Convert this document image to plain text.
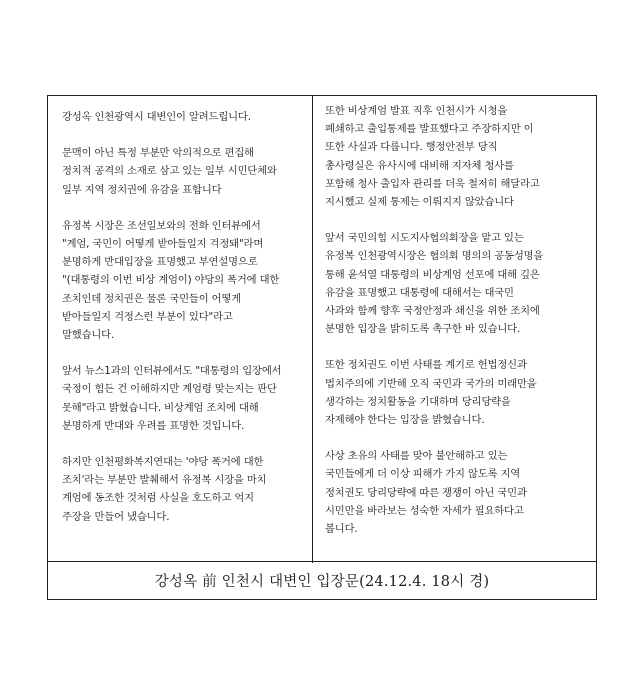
강성옥 인천광역시 대변인이 알려드립니다.
문맥이 아닌 특정 부분만 악의적으로 편집해
정치적 공격의 소재로 삼고 있는 일부 시민단체와
일부 지역 정치권에 유감을 표합니다
유정복 시장은 조선일보와의 전화 인터뷰에서
"계엄, 국민이 어떻게 받아들일지 걱정돼"라며
분명하게 반대입장을 표명했고 부연설명으로
"(대통령의 이번 비상 계엄이) 야당의 폭거에 대한
조치인데 정치권은 물론 국민들이 어떻게
받아들일지 걱정스런 부분이 있다"라고
말했습니다.
앞서 뉴스1과의 인터뷰에서도 "대통령의 입장에서
국정이 힘든 건 이해하지만 계엄령 맞는지는 판단
못해"라고 밝혔습니다. 비상계엄 조치에 대해
분명하게 반대와 우려를 표명한 것입니다.
하지만 인천평화복지연대는 '야당 폭거에 대한
조치'라는 부분만 발췌해서 유정복 시장을 마치
계엄에 동조한 것처럼 사실을 호도하고 억지
주장을 만들어 냈습니다.
또한 비상계엄 발표 직후 인천시가 시청을
폐쇄하고 출입통제를 발표했다고 주장하지만 이
또한 사실과 다릅니다. 행정안전부 당직
총사령실은 유사시에 대비해 지자체 청사를
포함해 청사 출입자 관리를 더욱 철저히 해달라고
지시했고 실제 통제는 이뤄지지 않았습니다
앞서 국민의힘 시도지사협의회장을 맡고 있는
유정복 인천광역시장은 협의회 명의의 공동성명을
통해 윤석열 대통령의 비상계엄 선포에 대해 깊은
유감을 표명했고 대통령에 대해서는 대국민
사과와 함께 향후 국정안정과 쇄신을 위한 조치에
분명한 입장을 밝히도록 촉구한 바 있습니다.
또한 정치권도 이번 사태를 계기로 헌법정신과
법치주의에 기반해 오직 국민과 국가의 미래만을
생각하는 정치활동을 기대하며 당리당략을
자제해야 한다는 입장을 밝혔습니다.
사상 초유의 사태를 맞아 불안해하고 있는
국민들에게 더 이상 피해가 가지 않도록 지역
정치권도 당리당략에 따른 쟁쟁이 아닌 국민과
시민만을 바라보는 성숙한 자세가 필요하다고
봅니다.
강성옥 前 인천시 대변인 입장문(24.12.4. 18시 경)
